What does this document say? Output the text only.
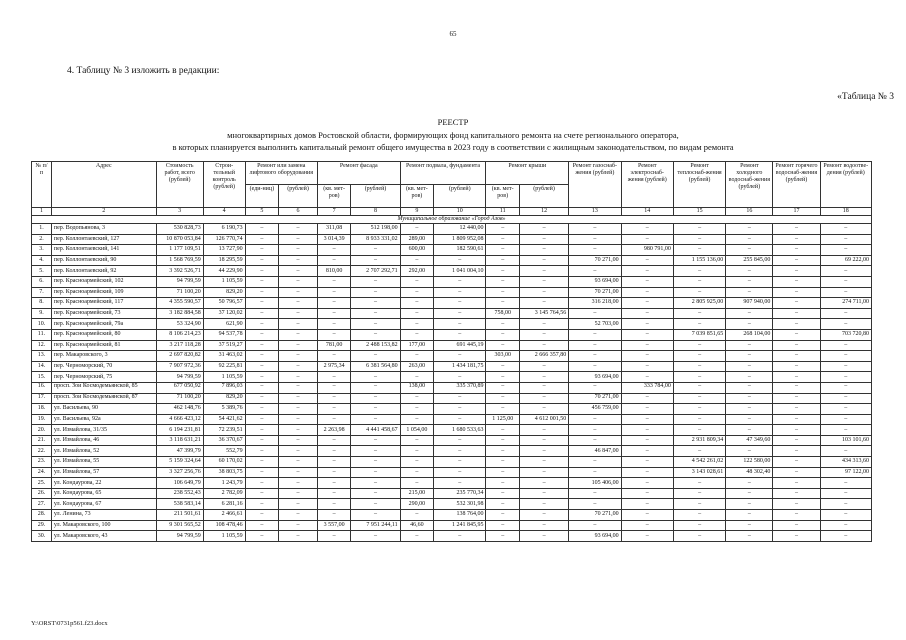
65
4. Таблицу № 3 изложить в редакции:
«Таблица № 3
РЕЕСТР
многоквартирных домов Ростовской области, формирующих фонд капитального ремонта на счете регионального оператора,
в которых планируется выполнить капитальный ремонт общего имущества в 2023 году в соответствии с жилищным законодательством, по видам ремонта
№ п/п	Адрес	Стоимость работ, всего (рублей)	Строи-тельный контроль (рублей)	Ремонт или замена лифтового оборудования		Ремонт фасада		Ремонт подвалa, фундамента		Ремонт крыши		Ремонт газоснаб-жения (рублей)	Ремонт электроснаб-жения (рублей)	Ремонт теплоснаб-жения (рублей)	Ремонт холодного водоснаб-жения (рублей)	Ремонт горячего водоснаб-жения (рублей)	Ремонт водоотве-дения (рублей)
				(еди-ниц)	(рублей)	(кв. мет-ров)	(рублей)	(кв. мет-ров)	(рублей)	(кв. мет-ров)	(рублей)						
1	2	3	4	5	6	7	8	9	10	11	12	13	14	15	16	17	18
Муниципальное образование «Город Азов»																	
1.	пер. Водопьянова, 3	530 828,73	6 190,73	–	–	311,08	512 198,00	–	12 440,00	–	–	–	–	–	–	–	–
2.	пер. Коллонтаевский, 127	10 870 053,84	126 770,74	–	–	3 014,39	8 933 331,02	289,00	1 809 952,08	–	–	–	–	–	–	–	–
3.	пер. Коллонтаевский, 141	1 177 109,51	13 727,90	–	–	–	–	600,00	182 590,61	–	–	–	980 791,00	–	–	–	–
4.	пер. Коллонтаевский, 90	1 568 769,59	18 295,59	–	–	–	–	–	–	–	–	70 271,00	–	1 155 136,00	255 845,00	–	69 222,00
5.	пер. Коллонтаевский, 92	3 392 526,71	44 229,90	–	–	810,00	2 707 292,71	292,00	1 041 004,10	–	–	–	–	–	–	–	–
6.	пер. Красноармейский, 102	94 799,59	1 105,59	–	–	–	–	–	–	–	–	93 694,00	–	–	–	–	–
7.	пер. Красноармейский, 109	71 100,20	829,20	–	–	–	–	–	–	–	–	70 271,00	–	–	–	–	–
8.	пер. Красноармейский, 117	4 355 590,57	50 796,57	–	–	–	–	–	–	–	–	316 218,00	–	2 805 925,00	907 940,00	–	274 711,00
9.	пер. Красноармейский, 73	3 182 884,58	37 120,02	–	–	–	–	–	–	758,00	3 145 764,56	–	–	–	–	–	–
10.	пер. Красноармейский, 79а	53 324,90	621,90	–	–	–	–	–	–	–	–	52 703,00	–	–	–	–	–
11.	пер. Красноармейский, 80	8 106 214,23	94 537,78	–	–	–	–	–	–	–	–	–	–	7 039 851,65	268 104,00	–	703 720,80
12.	пер. Красноармейский, 81	3 217 118,28	37 519,27	–	–	781,00	2 488 153,82	177,00	691 445,19	–	–	–	–	–	–	–	–
13.	пер. Макаровского, 3	2 697 820,82	31 463,02	–	–	–	–	–	–	303,00	2 666 357,80	–	–	–	–	–	–
14.	пер. Черноморский, 70	7 907 972,36	92 225,81	–	–	2 975,34	6 381 564,80	263,00	1 434 181,75	–	–	–	–	–	–	–	–
15.	пер. Черноморский, 75	94 799,59	1 105,59	–	–	–	–	–	–	–	–	93 694,00	–	–	–	–	–
16.	просп. Зои Космодемьянской, 85	677 050,92	7 896,03	–	–	–	–	138,00	335 370,89	–	–	–	333 784,00	–	–	–	–
17.	просп. Зои Космодемьянской, 87	71 100,20	829,20	–	–	–	–	–	–	–	–	70 271,00	–	–	–	–	–
18.	ул. Васильева, 90	462 148,76	5 389,76	–	–	–	–	–	–	–	–	456 759,00	–	–	–	–	–
19.	ул. Васильева, 92а	4 666 423,12	54 421,62	–	–	–	–	–	–	1 125,00	4 612 001,50	–	–	–	–	–	–
20.	ул. Измайлова, 31/35	6 194 231,81	72 239,51	–	–	2 263,98	4 441 458,67	1 054,00	1 680 533,63	–	–	–	–	–	–	–	–
21.	ул. Измайлова, 46	3 118 631,21	36 370,67	–	–	–	–	–	–	–	–	–	–	2 931 809,34	47 349,60	–	103 101,60
22.	ул. Измайлова, 52	47 399,79	552,79	–	–	–	–	–	–	–	–	46 847,00	–	–	–	–	–
23.	ул. Измайлова, 55	5 159 324,64	60 170,02	–	–	–	–	–	–	–	–	–	–	4 542 261,02	122 580,00	–	434 313,60
24.	ул. Измайлова, 57	3 327 256,76	38 803,75	–	–	–	–	–	–	–	–	–	–	3 143 028,61	48 302,40	–	97 122,00
25.	ул. Кондаурова, 22	106 649,79	1 243,79	–	–	–	–	–	–	–	–	105 406,00	–	–	–	–	–
26.	ул. Кондаурова, 65	238 552,43	2 782,09	–	–	–	–	215,00	235 770,34	–	–	–	–	–	–	–	–
27.	ул. Кондаурова, 67	538 583,14	6 281,16	–	–	–	–	290,00	532 301,98	–	–	–	–	–	–	–	–
28.	ул. Ленина, 73	211 501,61	2 466,61	–	–	–	–	–	138 764,00	–	–	70 271,00	–	–	–	–	–
29.	ул. Макаровского, 100	9 301 565,52	108 478,46	–	–	3 557,00	7 951 244,11	46,60	1 241 845,95	–	–	–	–	–	–	–	–
30.	ул. Макаровского, 43	94 799,59	1 105,59	–	–	–	–	–	–	–	–	93 694,00	–	–	–	–	–
Y:\ORST\0731p561.f23.docx
